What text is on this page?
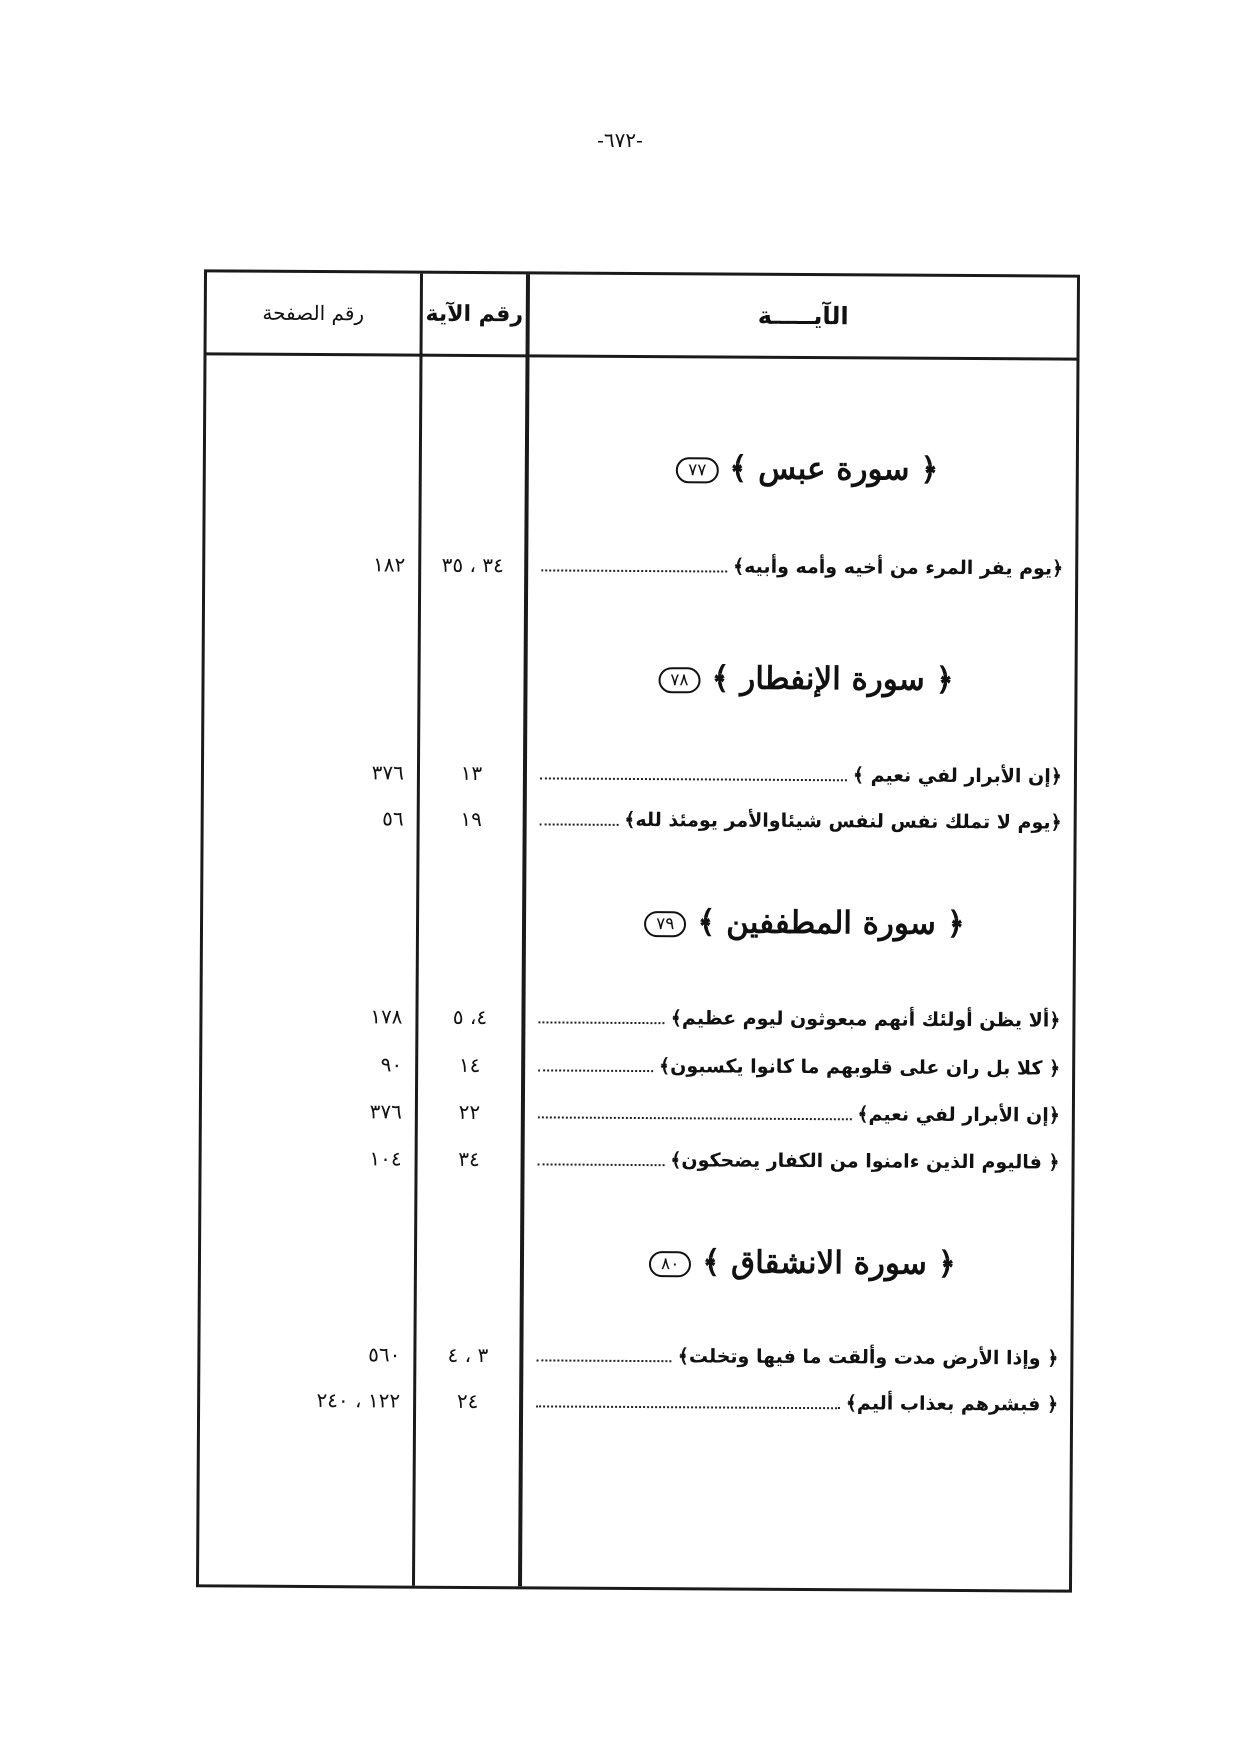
-٦٧٢-
رقم الصفحة	رقم الآية	الآيـــــة
﴿ سورة عبس ﴾ ٧٧
١٨٢	٣٤ ، ٣٥	﴿يوم يفر المرء من أخيه وأمه وأبيه﴾
﴿ سورة الإنفطار ﴾ ٧٨
٣٧٦	١٣	﴿إن الأبرار لفي نعيم ﴾
٥٦	١٩	﴿يوم لا تملك نفس لنفس شيئاوالأمر يومئذ لله﴾
﴿ سورة المطففين ﴾ ٧٩
١٧٨	٤، ٥	﴿ألا يظن أولئك أنهم مبعوثون ليوم عظيم﴾
٩٠	١٤	﴿ كلا بل ران على قلوبهم ما كانوا يكسبون﴾
٣٧٦	٢٢	﴿إن الأبرار لفي نعيم﴾
١٠٤	٣٤	﴿ فاليوم الذين ءامنوا من الكفار يضحكون﴾
﴿ سورة الانشقاق ﴾ ٨٠
٥٦٠	٣ ، ٤	﴿ وإذا الأرض مدت وألقت ما فيها وتخلت﴾
١٢٢ ، ٢٤٠	٢٤	﴿ فبشرهم بعذاب أليم﴾
